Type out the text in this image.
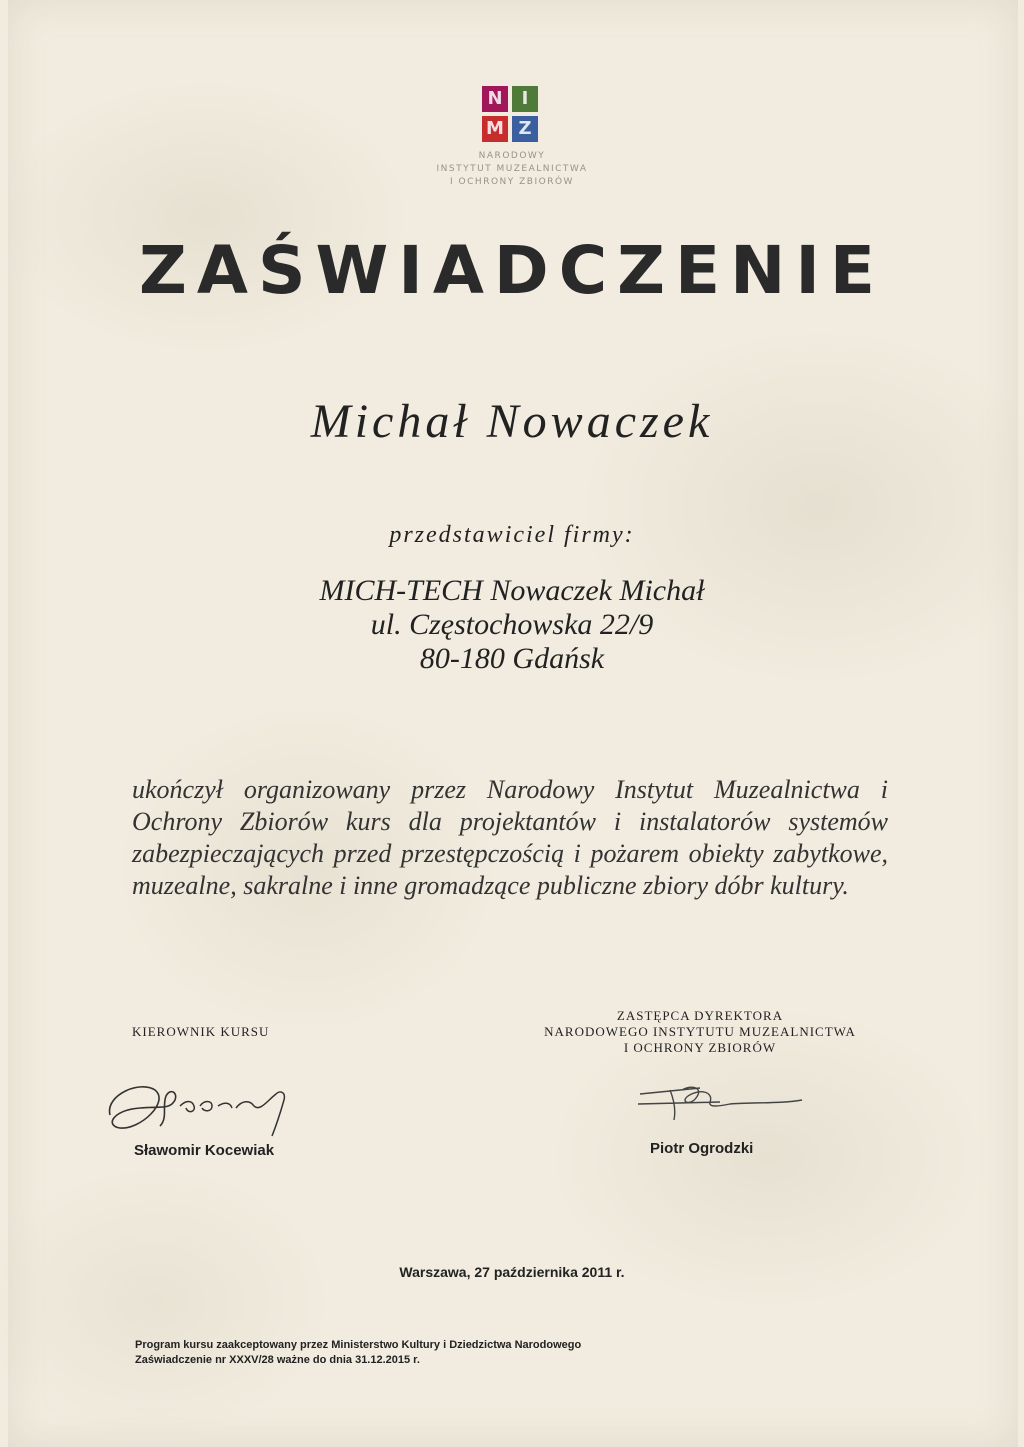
N	I
M Z
NARODOWY
INSTYTUT MUZEALNICTWA
I OCHRONY ZBIORÓW
ZAŚWIADCZENIE
Michał Nowaczek
przedstawiciel firmy:
MICH-TECH Nowaczek Michał
ul. Częstochowska 22/9
80-180 Gdańsk
ukończył organizowany przez Narodowy Instytut Muzealnictwa i Ochrony Zbiorów kurs dla projektantów i instalatorów systemów zabezpieczających przed przestępczością i pożarem obiekty zabytkowe, muzealne, sakralne i inne gromadzące publiczne zbiory dóbr kultury.
KIEROWNIK KURSU
ZASTĘPCA DYREKTORA
NARODOWEGO INSTYTUTU MUZEALNICTWA
I OCHRONY ZBIORÓW
Sławomir Kocewiak	Piotr Ogrodzki
Warszawa, 27 października 2011 r.
Program kursu zaakceptowany przez Ministerstwo Kultury i Dziedzictwa Narodowego
Zaświadczenie nr XXXV/28 ważne do dnia 31.12.2015 r.
